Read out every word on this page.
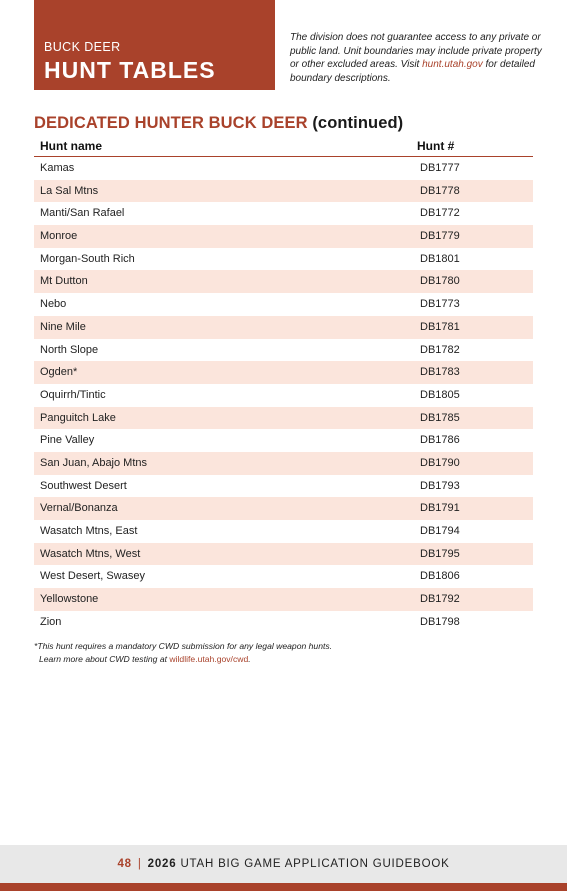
BUCK DEER
HUNT TABLES
The division does not guarantee access to any private or public land. Unit boundaries may include private property or other excluded areas. Visit hunt.utah.gov for detailed boundary descriptions.
DEDICATED HUNTER BUCK DEER (continued)
Hunt name	Hunt #
Kamas	DB1777
La Sal Mtns	DB1778
Manti/San Rafael	DB1772
Monroe	DB1779
Morgan-South Rich	DB1801
Mt Dutton	DB1780
Nebo	DB1773
Nine Mile	DB1781
North Slope	DB1782
Ogden*	DB1783
Oquirrh/Tintic	DB1805
Panguitch Lake	DB1785
Pine Valley	DB1786
San Juan, Abajo Mtns	DB1790
Southwest Desert	DB1793
Vernal/Bonanza	DB1791
Wasatch Mtns, East	DB1794
Wasatch Mtns, West	DB1795
West Desert, Swasey	DB1806
Yellowstone	DB1792
Zion	DB1798
*This hunt requires a mandatory CWD submission for any legal weapon hunts.
Learn more about CWD testing at wildlife.utah.gov/cwd.
48 | 2026 UTAH BIG GAME APPLICATION GUIDEBOOK
